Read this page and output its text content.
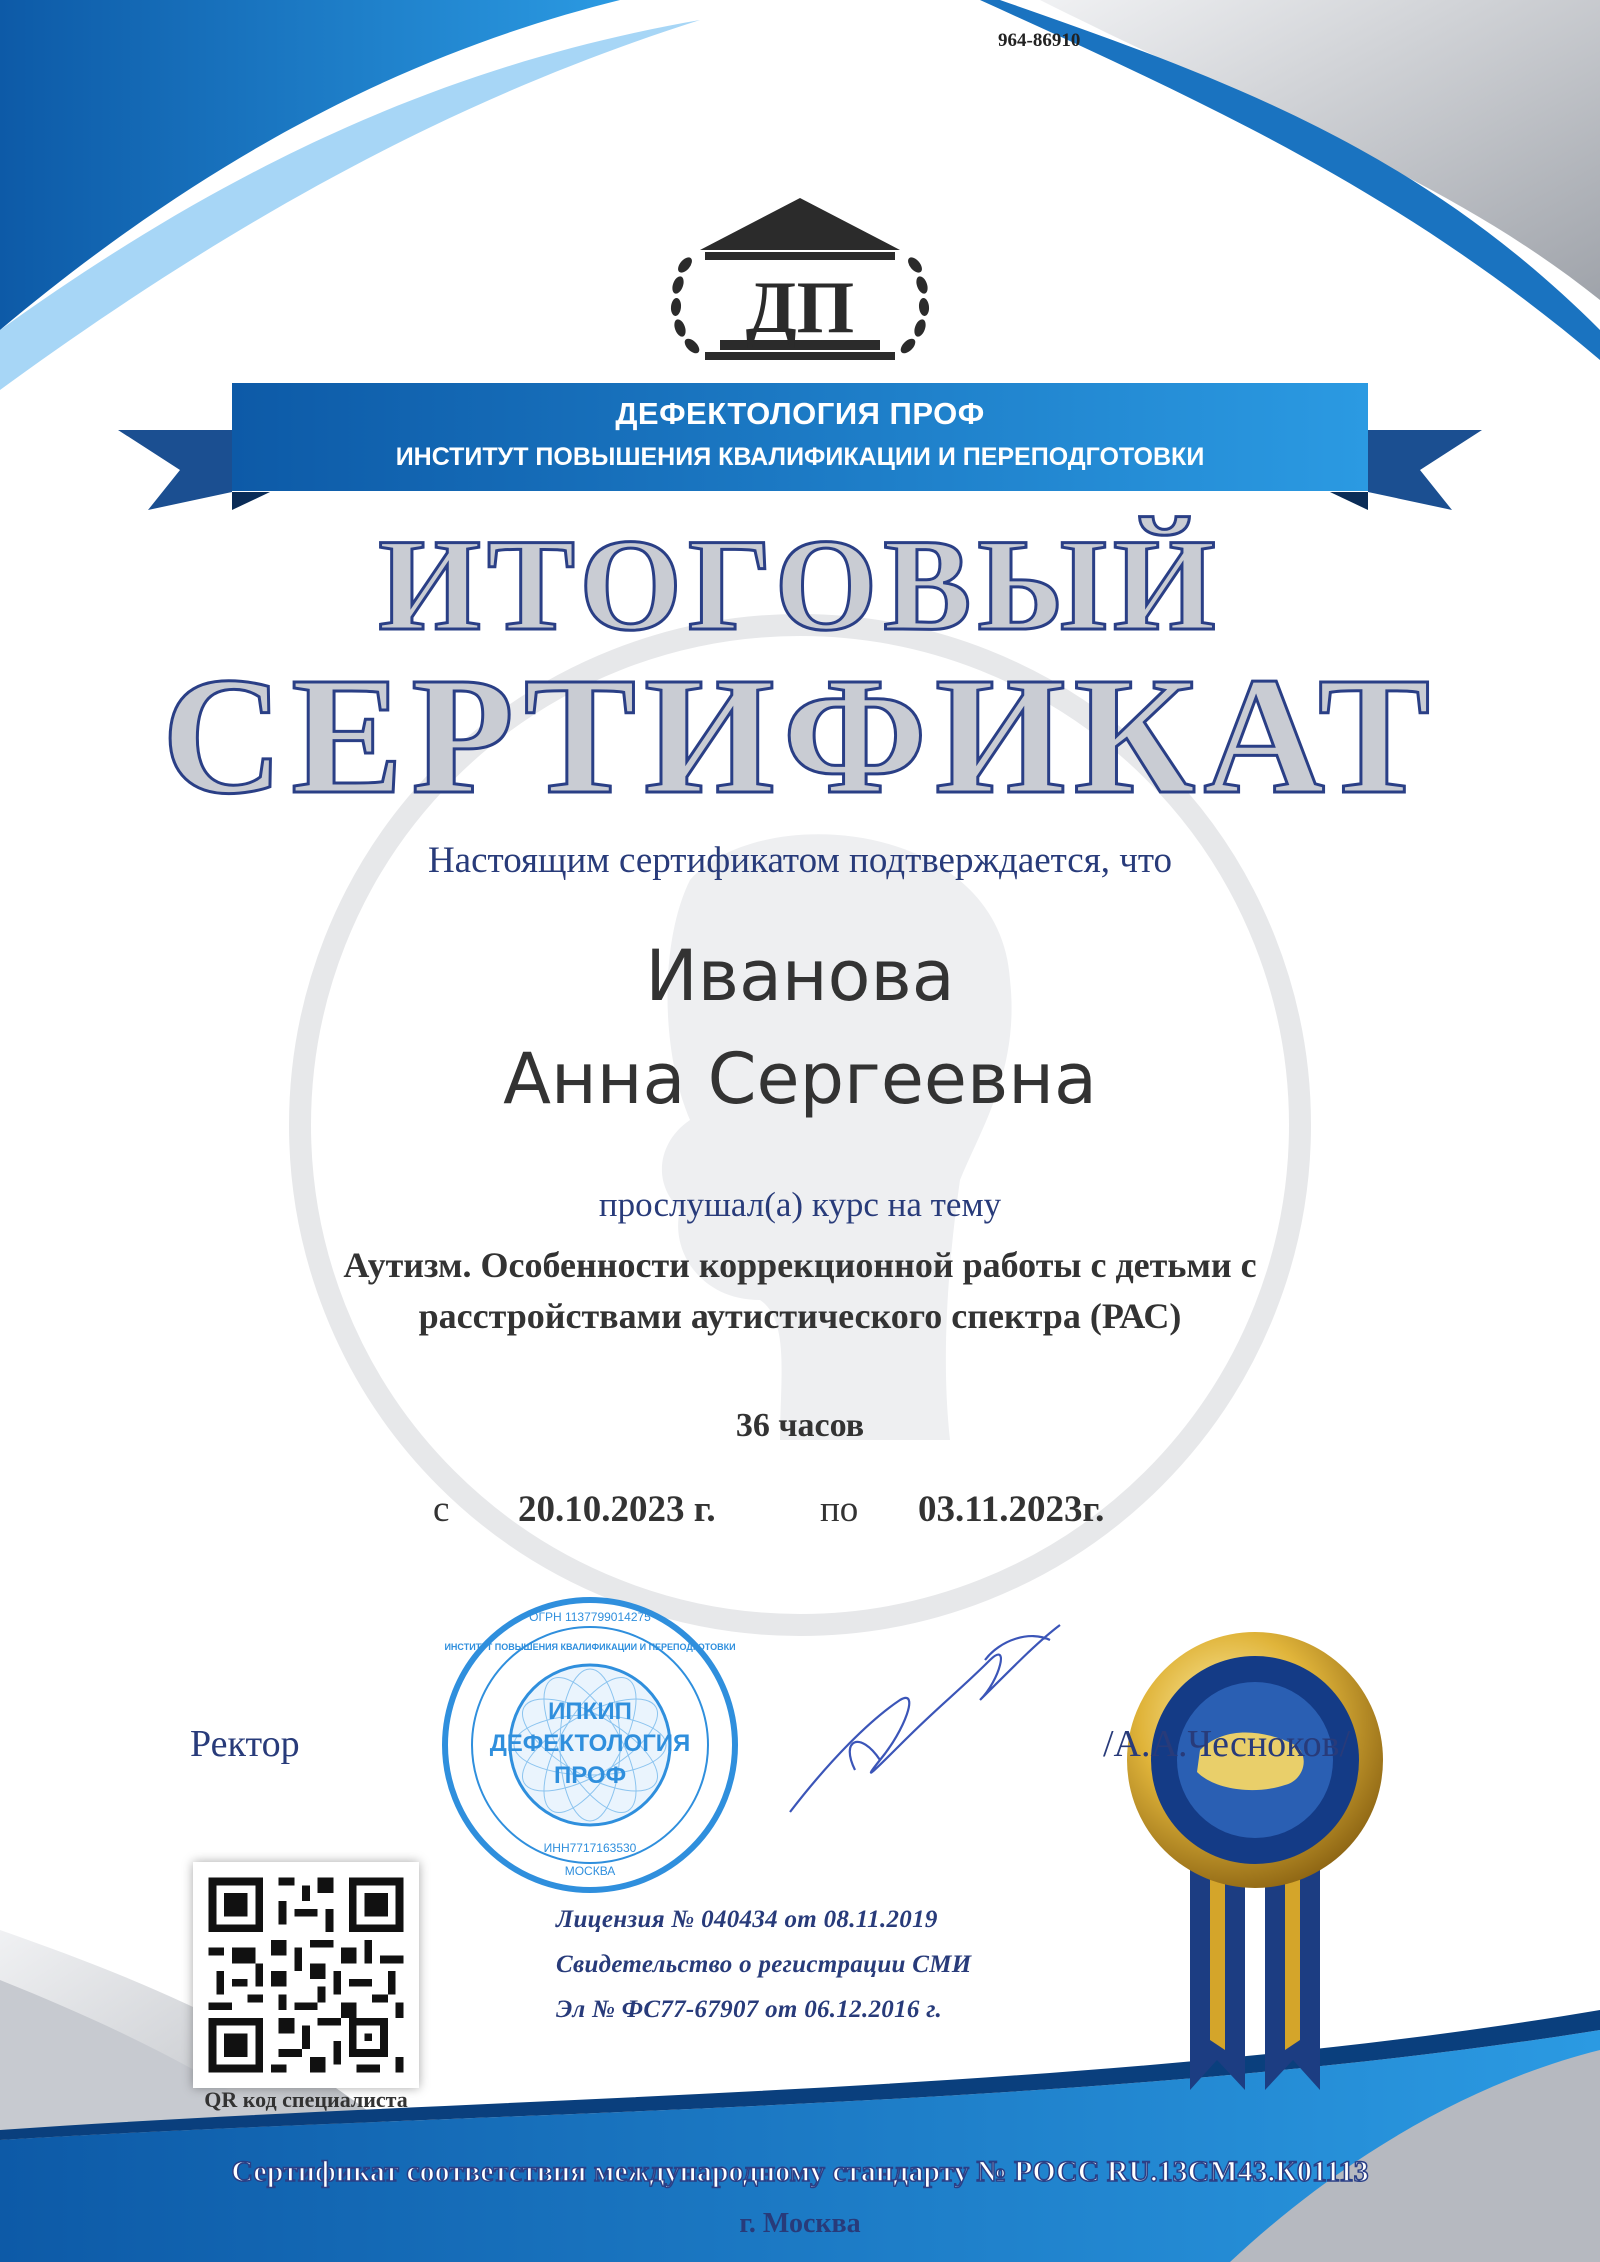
ДП
ИПКИП
ДЕФЕКТОЛОГИЯ
ПРОФ
ОГРН 1137799014275
ИНСТИТУТ ПОВЫШЕНИЯ КВАЛИФИКАЦИИ И ПЕРЕПОДГОТОВКИ
ИНН7717163530
МОСКВА
964-86910
ДЕФЕКТОЛОГИЯ ПРОФ
ИНСТИТУТ ПОВЫШЕНИЯ КВАЛИФИКАЦИИ И ПЕРЕПОДГОТОВКИ
ИТОГОВЫЙ
СЕРТИФИКАТ
Настоящим сертификатом подтверждается, что
Иванова
Анна Сергеевна
прослушал(а) курс на тему
Аутизм. Особенности коррекционной работы с детьми с
расстройствами аутистического спектра (РАС)
36 часов
с 20.10.2023 г.	по 03.11.2023г.
Ректор	/А.А.Чесноков/
Лицензия № 040434 от 08.11.2019
Свидетельство о регистрации СМИ
Эл № ФС77-67907 от 06.12.2016 г.
QR код специалиста
Сертификат соответствия международному стандарту № РОСС RU.13СМ43.К01113
г. Москва
